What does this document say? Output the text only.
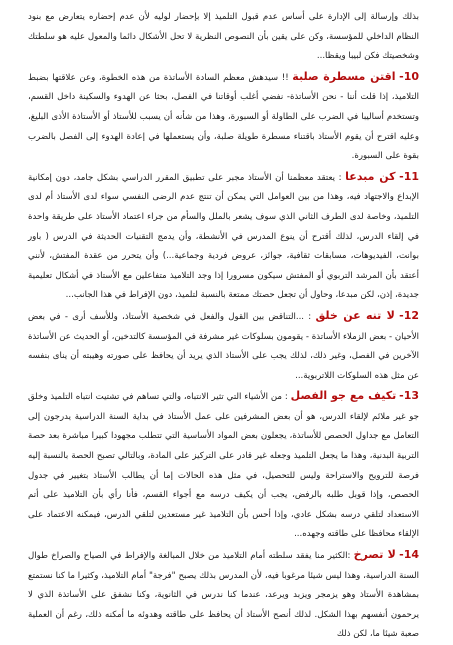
بذلك وإرسالة إلى الإدارة على أساس عدم قبول التلميذ إلا بإحضار لوليه لأن عدم إحضاره يتعارض مع بنود النظام الداخلي للمؤسسة، وكن على يقين بأن النصوص النظرية لا تحل الأشكال دائما والمعول عليه هو سلطتك وشخصيتك فكن لبيبا ويقظا...

10- اقتن مسطرة صلبة !! سيدهش معظم السادة الأساتذة من هذه الخطوة، وعن علاقتها بضبط التلاميذ، إذا قلت أننا - نحن الأساتذة- نفضي أغلب أوقاتنا في الفصل، بحثا عن الهدوء والسكينة داخل القسم، وتستخدم أساليبا في الضرب على الطاولة أو السبورة، وهذا من شأنه أن يسبب للأستاذ أو الأستاذة الأذى البليغ، وعليه اقترح أن يقوم الأستاذ باقتناء مسطرة طويلة صلبة، وأن يستعملها في إعادة الهدوء إلى الفصل بالضرب بقوة على السبورة.

11- كن مبدعا : يعتقد معظمنا أن الأستاذ مجبر على تطبيق المقرر الدراسي بشكل جامد، دون إمكانية الإبداع والاجتهاد فيه، وهذا من بين العوامل التي يمكن أن تنتج عدم الرضى النفسي سواء لدى الأستاذ أم لدى التلميذ، وخاصة لدى الطرف الثاني الذي سوف يشعر بالملل والسأم من جراء اعتماد الأستاذ على طريقة واحدة في إلقاء الدرس، لذلك أقترح أن ينوع المدرس في الأنشطة، وأن يدمج التقنيات الحديثة في الدرس ( باور بوانت، الفيديوهات، مسابقات ثقافية، جوائز، عروض فردية وجماعية...) وأن يتحرر من عقدة المفتش، لأنني أعتقد بأن المرشد التربوي أو المفتش سيكون مسرورا إذا وجد التلاميذ متفاعلين مع الأستاذ في أشكال تعليمية جديدة، إذن، لكن مبدعا، وحاول أن تجعل حصتك ممتعة بالنسبة لتلميذ، دون الإفراط في هذا الجانب...

12- لا تنه عن خلق : ...التناقض بين القول والفعل في شخصية الأستاذ، وللأسف أرى - في بعض الأحيان - بعض الزملاء الأساتذة - يقومون بسلوكات غير مشرفة في المؤسسة كالتدخين، أو الحديث عن الأساتذة الآخرين في الفصل، وغير ذلك، لذلك يجب على الأستاذ الذي يريد أن يحافظ على صورته وهيبته أن يناى بنفسه عن مثل هذه السلوكات اللاتربوية...

13- تكيف مع جو الفصل : من الأشياء التي تثير الانتباه، والتي تساهم في تشتيت انتباه التلميذ وخلق جو غير ملائم لإلقاء الدرس، هو أن بعض المشرفين على عمل الأستاذ في بداية السنة الدراسية يدرجون إلى التعامل مع جداول الحصص للأساتذة، يجعلون بعض المواد الأساسية التي تتطلب مجهودا كبيرا مباشرة بعد حصة التربية البدنية، وهذا ما يجعل التلميذ وجعله غير قادر على التركيز على المادة، وبالتالي تصبح الحصة بالنسبة إليه فرصة للترويح والاستراحة وليس للتحصيل، في مثل هذه الحالات إما أن يطالب الأستاذ بتغيير في جدول الحصص، وإذا قوبل طلبه بالرفض، يجب أن يكيف درسه مع أجواء القسم، فأنا رأي بأن التلاميذ على أتم الاستعداد لتلقي درسه بشكل عادي، وإذا أحس بأن التلاميذ غير مستعدين لتلقي الدرس، فيمكنه الاعتماد على الإلقاء محافظا على طاقته وجهده...

14- لا تصرخ :الكثير منا يفقد سلطته أمام التلاميذ من خلال المبالغة والإفراط في الصياح والصراخ طوال السنة الدراسية، وهذا ليس شيئا مرغوبا فيه، لأن المدرس بذلك يصبح "فرجة" أمام التلاميذ، وكثيرا ما كنا نستمتع بمشاهدة الأستاذ وهو يزمجر ويزبد ويرعد، عندما كنا ندرس في الثانوية، وكنا نشفق على الأساتذة الذي لا يرحمون أنفسهم بهذا الشكل. لذلك أنصح الأستاذ أن يحافظ على طاقته وهدوئه ما أمكنه ذلك، رغم أن العملية صعبة شيئا ما، لكن ذلك
